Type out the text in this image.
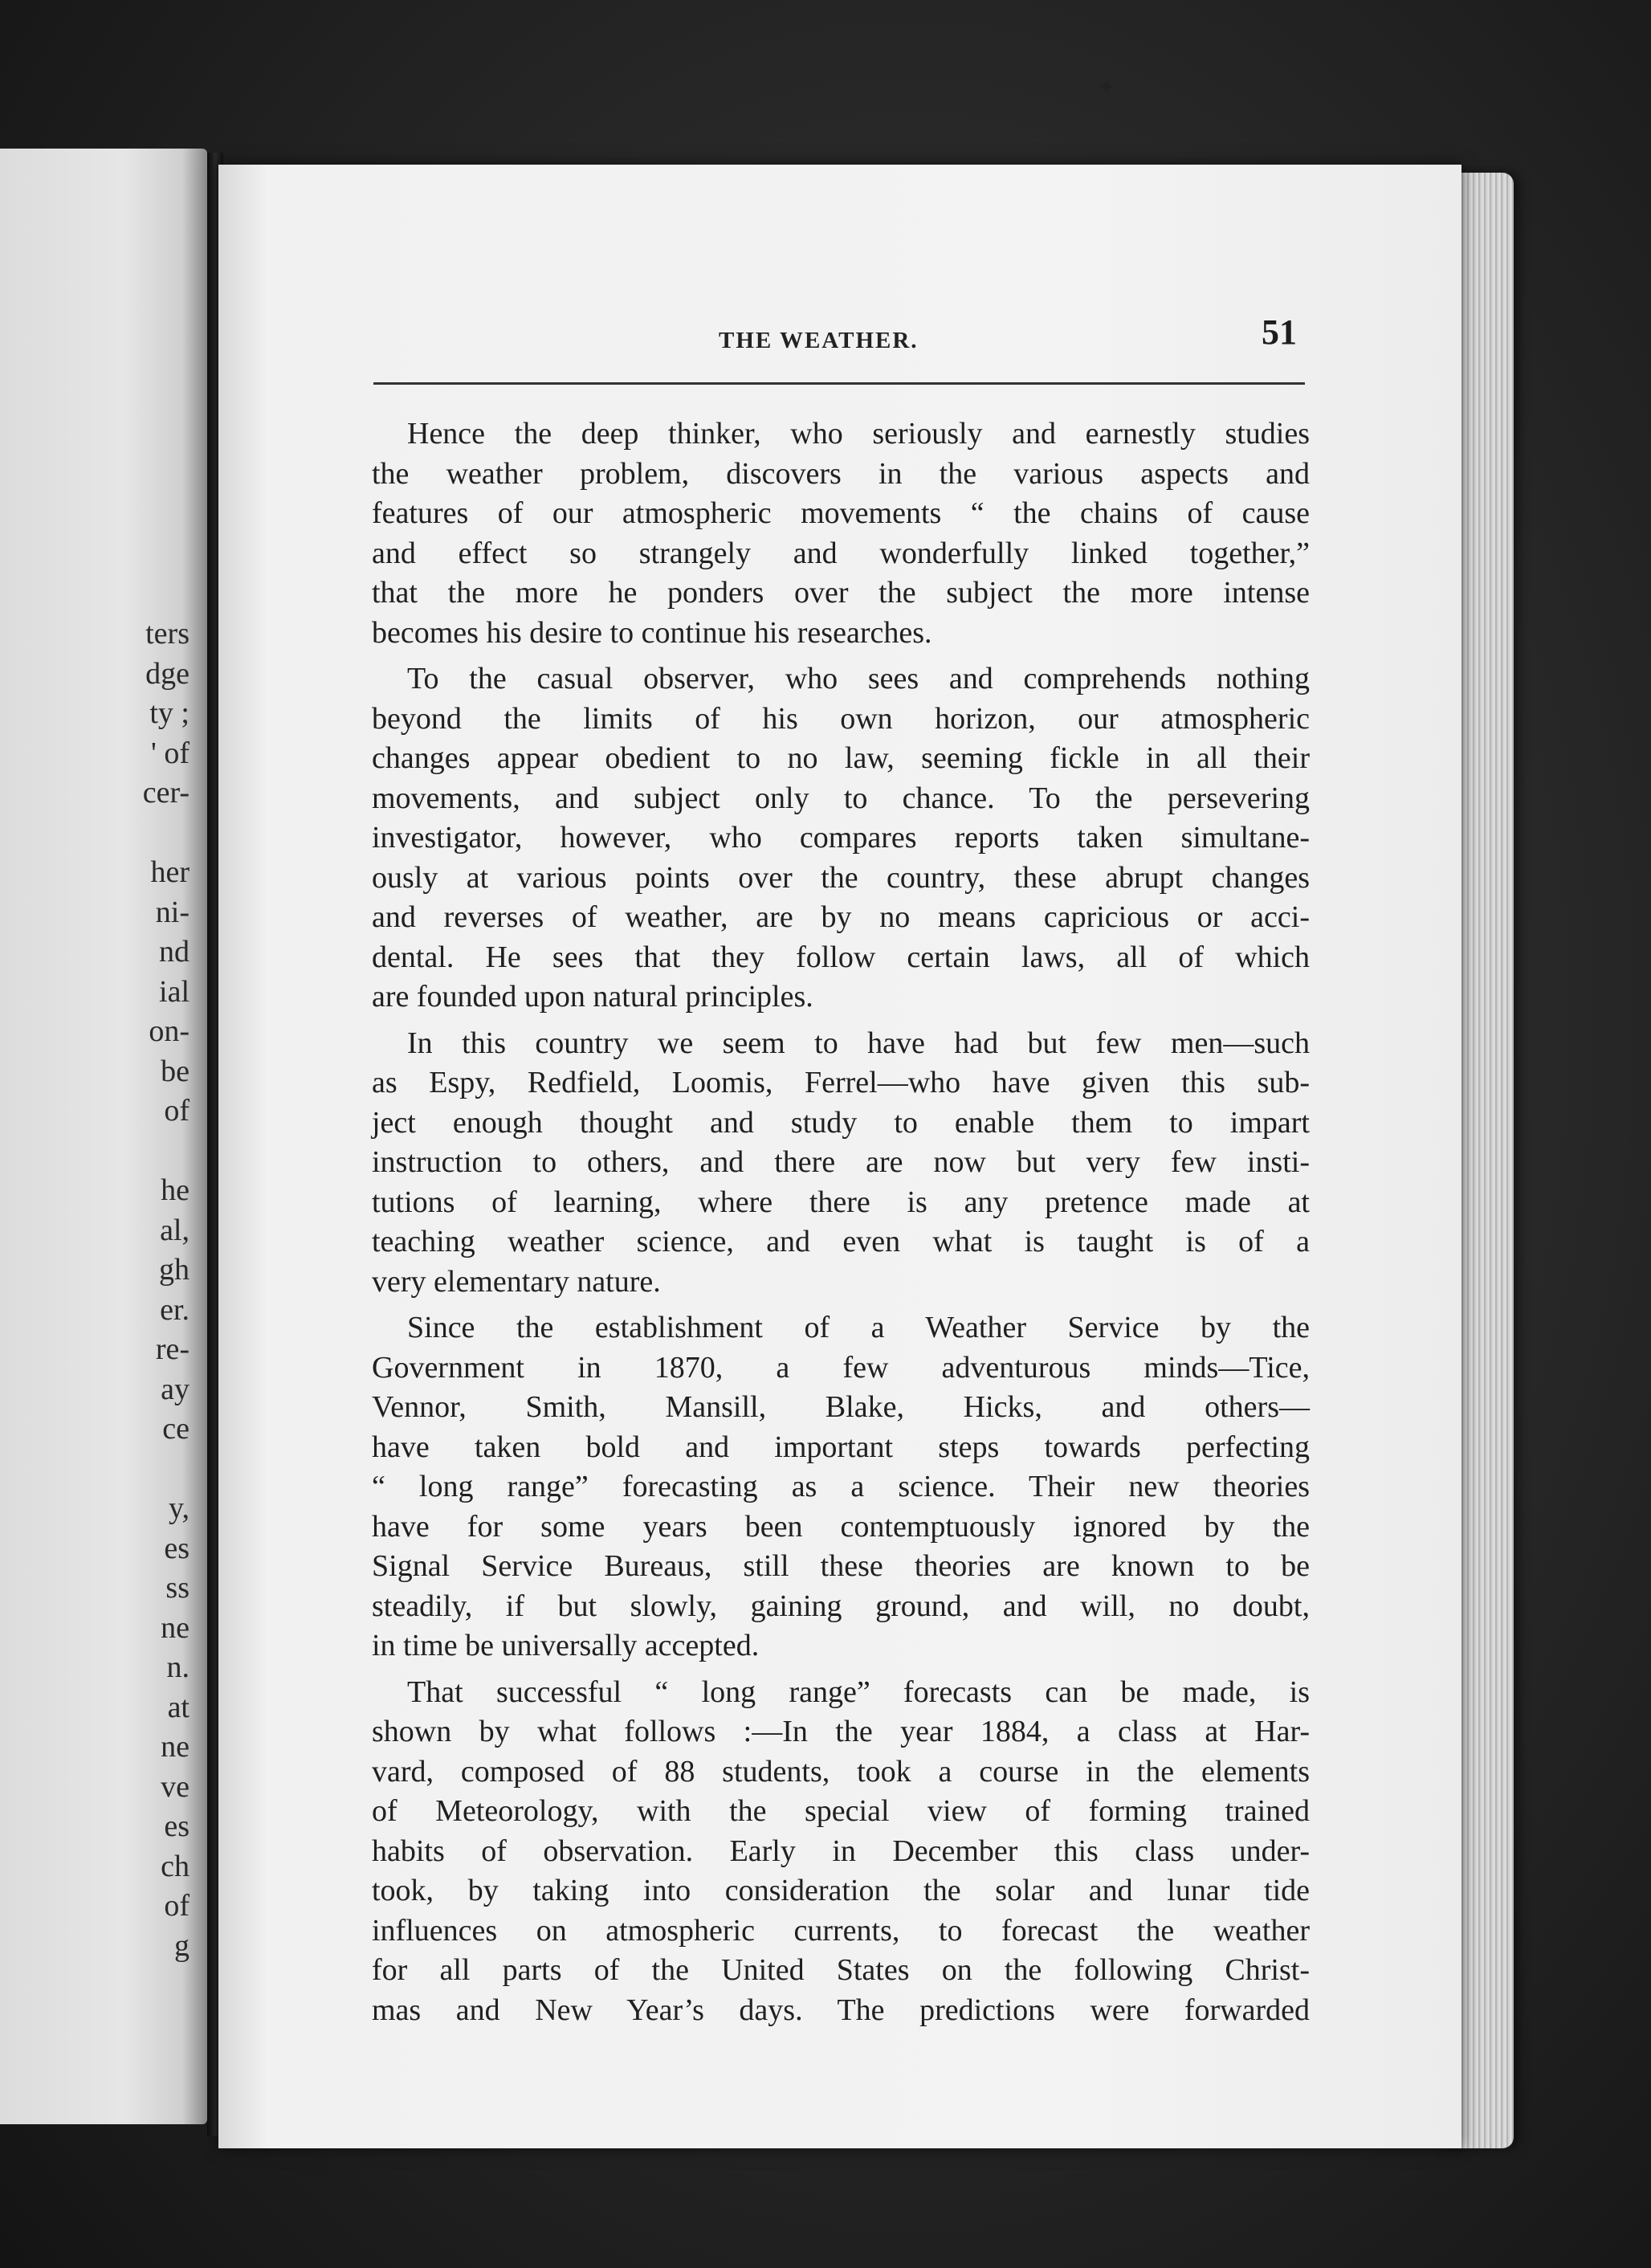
ters
dge
ty ;
' of
cer-
her
ni-
nd
ial
on-
be
of
he
al,
gh
er.
re-
ay
ce
y,
es
ss
ne
n.
at
ne
ve
es
ch
of
g
THE WEATHER.	51
Hence the deep thinker, who seriously and earnestly studies
the weather problem, discovers in the various aspects and
features of our atmospheric movements “ the chains of cause
and effect so strangely and wonderfully linked together,”
that the more he ponders over the subject the more intense
becomes his desire to continue his researches.
To the casual observer, who sees and comprehends nothing
beyond the limits of his own horizon, our atmospheric
changes appear obedient to no law, seeming fickle in all their
movements, and subject only to chance. To the persevering
investigator, however, who compares reports taken simultane-
ously at various points over the country, these abrupt changes
and reverses of weather, are by no means capricious or acci-
dental. He sees that they follow certain laws, all of which
are founded upon natural principles.
In this country we seem to have had but few men—such
as Espy, Redfield, Loomis, Ferrel—who have given this sub-
ject enough thought and study to enable them to impart
instruction to others, and there are now but very few insti-
tutions of learning, where there is any pretence made at
teaching weather science, and even what is taught is of a
very elementary nature.
Since the establishment of a Weather Service by the
Government in 1870, a few adventurous minds—Tice,
Vennor, Smith, Mansill, Blake, Hicks, and others—
have taken bold and important steps towards perfecting
“ long range” forecasting as a science. Their new theories
have for some years been contemptuously ignored by the
Signal Service Bureaus, still these theories are known to be
steadily, if but slowly, gaining ground, and will, no doubt,
in time be universally accepted.
That successful “ long range” forecasts can be made, is
shown by what follows :—In the year 1884, a class at Har-
vard, composed of 88 students, took a course in the elements
of Meteorology, with the special view of forming trained
habits of observation. Early in December this class under-
took, by taking into consideration the solar and lunar tide
influences on atmospheric currents, to forecast the weather
for all parts of the United States on the following Christ-
mas and New Year’s days. The predictions were forwarded
✦
